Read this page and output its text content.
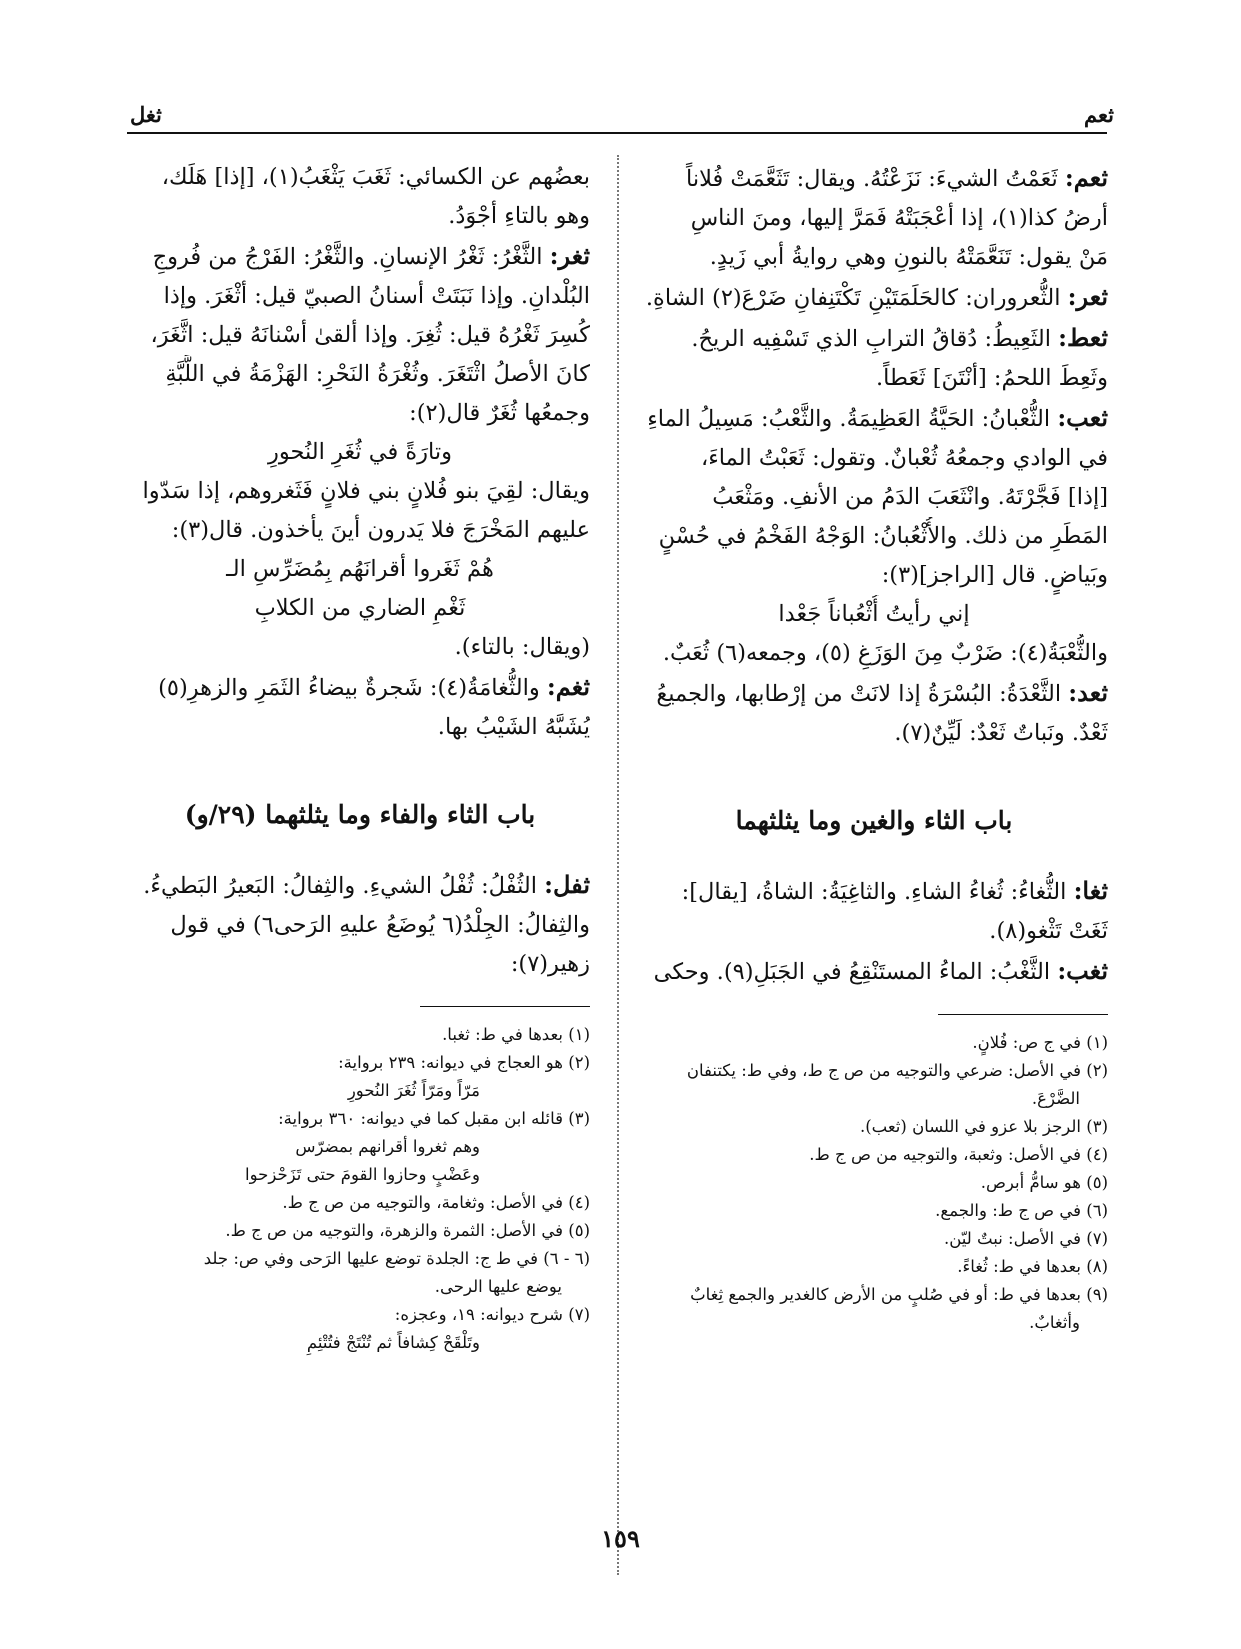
ثعم
ثغل
ثعم: ثَعَمْتُ الشيءَ: نَزَعْتُهُ. ويقال: تَثَعَّمَتْ فُلاناً
أرضُ كذا(١)، إذا أعْجَبَتْهُ فَمَرَّ إليها، ومنَ الناسِ
مَنْ يقول: تَنَعَّمَتْهُ بالنونِ وهي روايةُ أبي زَيدٍ.
ثعر: الثُّعروران: كالحَلَمَتَيْنِ تَكْتَنِفانِ ضَرْعَ(٢) الشاةِ.
ثعط: الثَعِيطُ: دُقاقُ الترابِ الذي تَسْفِيه الريحُ.
وثَعِطَ اللحمُ: [أنْتَنَ] ثَعَطاً.
ثعب: الثُّعْبانُ: الحَيَّةُ العَظِيمَةُ. والثَّعْبُ: مَسِيلُ الماءِ
في الوادي وجمعُهُ ثُعْبانٌ. وتقول: ثَعَبْتُ الماءَ،
[إذا] فَجَّرْتَهُ. وانْثَعَبَ الدَمُ من الأنفِ. ومَثْعَبُ
المَطَرِ من ذلك. والأُثْعُبانُ: الوَجْهُ الفَخْمُ في حُسْنٍ
وبَياضٍ. قال [الراجز](٣):
إني رأيتُ أُثْعُباناً جَعْدا
والثُّعْبَةُ(٤): ضَرْبٌ مِنَ الوَزَغِ (٥)، وجمعه(٦) ثُعَبٌ.
ثعد: الثَّعْدَةُ: البُسْرَةُ إذا لانَتْ من إرْطابها، والجميعُ
ثَعْدٌ. ونَباتٌ ثَعْدٌ: لَيِّنٌ(٧).
باب الثاء والغين وما يثلثهما
ثغا: الثُّغاءُ: ثُغاءُ الشاءِ. والثاغِيَةُ: الشاةُ، [يقال]:
ثَغَتْ تَثْغو(٨).
ثغب: الثَّغْبُ: الماءُ المستَنْقِعُ في الجَبَلِ(٩). وحكى
(١) في ج ص: فُلانٍ.
(٢) في الأصل: ضرعي والتوجيه من ص ج ط، وفي ط: يكتنفان
الضَّرْعَ.
(٣) الرجز بلا عزو في اللسان (ثعب).
(٤) في الأصل: وثعبة، والتوجيه من ص ج ط.
(٥) هو سامُّ أبرص.
(٦) في ص ج ط: والجمع.
(٧) في الأصل: نبتٌ ليّن.
(٨) بعدها في ط: ثُغاءً.
(٩) بعدها في ط: أو في صُلبٍ من الأرض كالغدير والجمع ثِغابٌ
وأثغابٌ.
بعضُهم عن الكسائي: ثَغَبَ يَثْغَبُ(١)، [إذا] هَلَك،
وهو بالتاءِ أجْوَدُ.
ثغر: الثَّغْرُ: ثَغْرُ الإنسانِ. والثَّغْرُ: الفَرْجُ من فُروجِ
البُلْدانِ. وإذا نَبَتَتْ أسنانُ الصبيّ قيل: أثْغَرَ. وإذا
كُسِرَ ثَغْرُهُ قيل: ثُغِرَ. وإذا ألقىٰ أسْنانَهُ قيل: اثَّغَرَ،
كانَ الأصلُ اثْتَغَرَ. وثُغْرَةُ النَحْرِ: الهَزْمَةُ في اللَّبَّةِ
وجمعُها ثُغَرٌ قال(٢):
وتارَةً في ثُغَرِ النُحورِ
ويقال: لقِيَ بنو فُلانٍ بني فلانٍ فَثَغروهم، إذا سَدّوا
عليهم المَخْرَجَ فلا يَدرون أينَ يأخذون. قال(٣):
هُمْ ثَغَروا أقرانَهُم بِمُضَرِّسِ الـ
ثَغْمِ الضاري من الكلابِ
(ويقال: بالتاء).
ثغم: والثُّغامَةُ(٤): شَجرةٌ بيضاءُ الثَمَرِ والزهرِ(٥)
يُشَبَّهُ الشَيْبُ بها.
باب الثاء والفاء وما يثلثهما (٢٩/و)
ثفل: الثُفْلُ: ثُفْلُ الشيءِ. والثِفالُ: البَعيرُ البَطيءُ.
والثِفالُ: الجِلْدُ(٦ يُوضَعُ عليهِ الرَحى٦) في قول
زهير(٧):
(١) بعدها في ط: ثغبا.
(٢) هو العجاج في ديوانه: ٢٣٩ برواية:
مَرّاً ومَرّاً ثُغَرَ النُحورِ
(٣) قائله ابن مقبل كما في ديوانه: ٣٦٠ برواية:
وهم ثغروا أقرانهم بمضرّس
وعَضْبٍ وحازوا القومَ حتى تَزَحْزحوا
(٤) في الأصل: وثغامة، والتوجيه من ص ج ط.
(٥) في الأصل: الثمرة والزهرة، والتوجيه من ص ج ط.
(٦ - ٦) في ط ج: الجلدة توضع عليها الرَحى وفي ص: جلد
يوضع عليها الرحى.
(٧) شرح ديوانه: ١٩، وعجزه:
وتَلْقَحْ كِشافاً ثم تُنْتَجْ فتُتْئِمِ
١٥٩
